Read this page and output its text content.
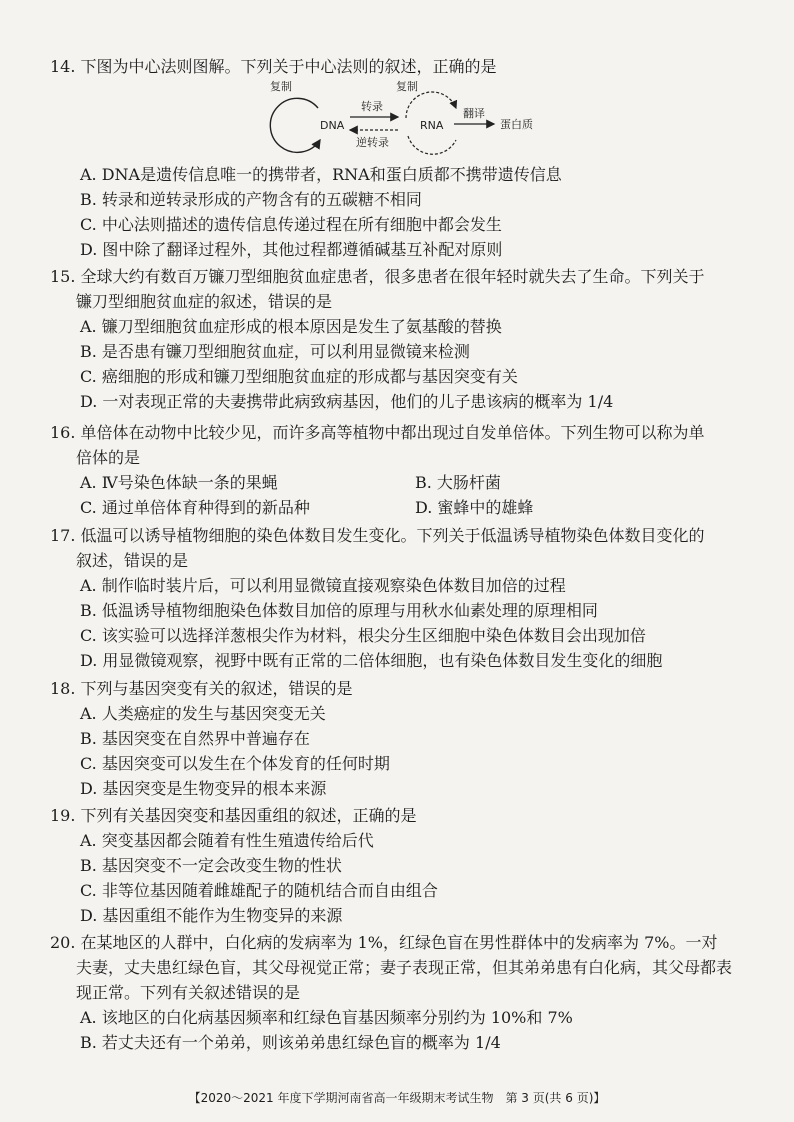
14. 下图为中心法则图解。下列关于中心法则的叙述，正确的是
复制
DNA
转录
逆转录
复制
RNA
翻译
蛋白质
A. DNA是遗传信息唯一的携带者，RNA和蛋白质都不携带遗传信息
B. 转录和逆转录形成的产物含有的五碳糖不相同
C. 中心法则描述的遗传信息传递过程在所有细胞中都会发生
D. 图中除了翻译过程外，其他过程都遵循碱基互补配对原则
15. 全球大约有数百万镰刀型细胞贫血症患者，很多患者在很年轻时就失去了生命。下列关于
镰刀型细胞贫血症的叙述，错误的是
A. 镰刀型细胞贫血症形成的根本原因是发生了氨基酸的替换
B. 是否患有镰刀型细胞贫血症，可以利用显微镜来检测
C. 癌细胞的形成和镰刀型细胞贫血症的形成都与基因突变有关
D. 一对表现正常的夫妻携带此病致病基因，他们的儿子患该病的概率为 1/4
16. 单倍体在动物中比较少见，而许多高等植物中都出现过自发单倍体。下列生物可以称为单
倍体的是
A. Ⅳ号染色体缺一条的果蝇	B. 大肠杆菌
C. 通过单倍体育种得到的新品种	D. 蜜蜂中的雄蜂
17. 低温可以诱导植物细胞的染色体数目发生变化。下列关于低温诱导植物染色体数目变化的
叙述，错误的是
A. 制作临时装片后，可以利用显微镜直接观察染色体数目加倍的过程
B. 低温诱导植物细胞染色体数目加倍的原理与用秋水仙素处理的原理相同
C. 该实验可以选择洋葱根尖作为材料，根尖分生区细胞中染色体数目会出现加倍
D. 用显微镜观察，视野中既有正常的二倍体细胞，也有染色体数目发生变化的细胞
18. 下列与基因突变有关的叙述，错误的是
A. 人类癌症的发生与基因突变无关
B. 基因突变在自然界中普遍存在
C. 基因突变可以发生在个体发育的任何时期
D. 基因突变是生物变异的根本来源
19. 下列有关基因突变和基因重组的叙述，正确的是
A. 突变基因都会随着有性生殖遗传给后代
B. 基因突变不一定会改变生物的性状
C. 非等位基因随着雌雄配子的随机结合而自由组合
D. 基因重组不能作为生物变异的来源
20. 在某地区的人群中，白化病的发病率为 1%，红绿色盲在男性群体中的发病率为 7%。一对
夫妻，丈夫患红绿色盲，其父母视觉正常；妻子表现正常，但其弟弟患有白化病，其父母都表
现正常。下列有关叙述错误的是
A. 该地区的白化病基因频率和红绿色盲基因频率分别约为 10%和 7%
B. 若丈夫还有一个弟弟，则该弟弟患红绿色盲的概率为 1/4
【2020～2021 年度下学期河南省高一年级期末考试生物　第 3 页(共 6 页)】
